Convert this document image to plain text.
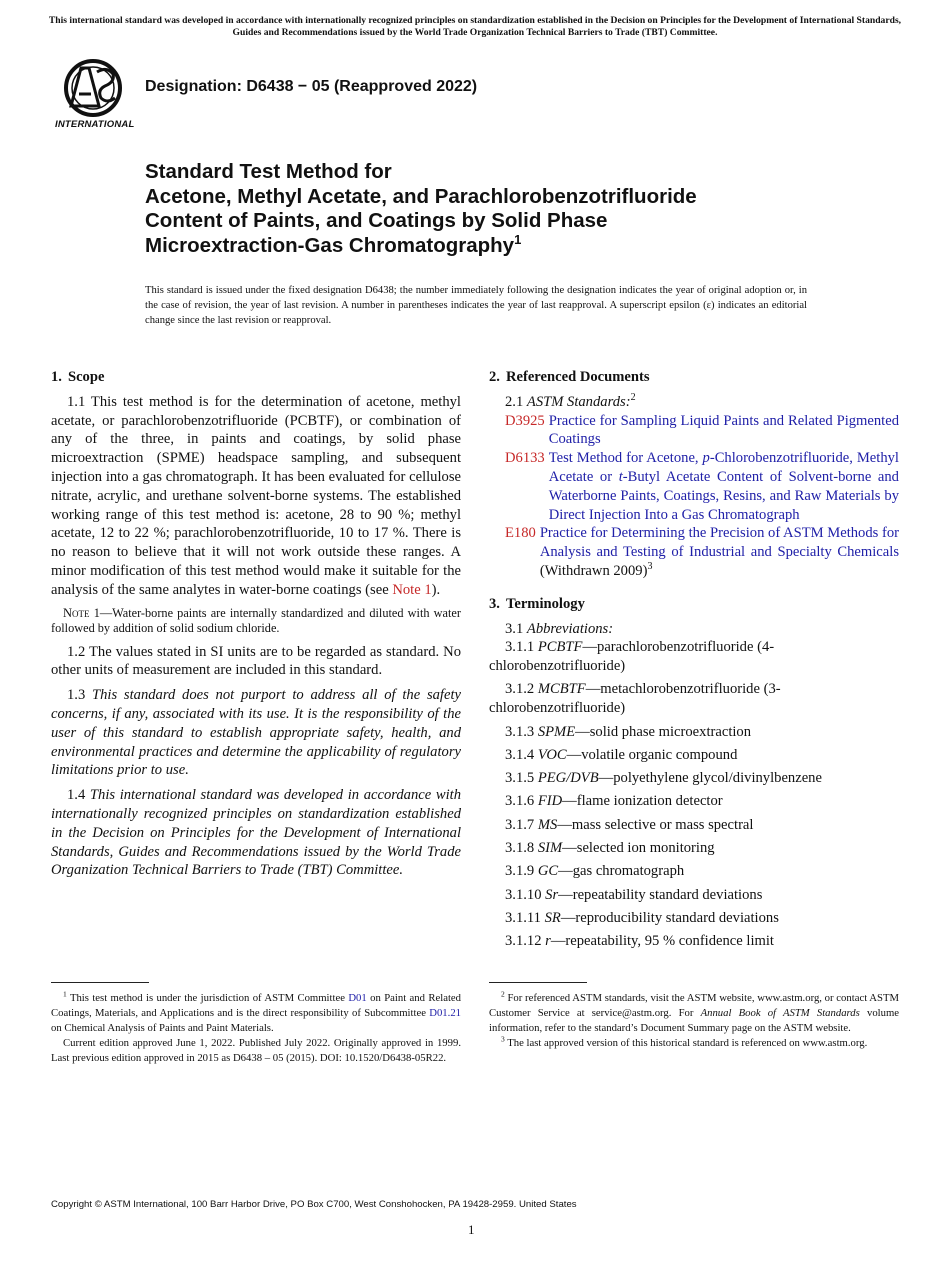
This international standard was developed in accordance with internationally recognized principles on standardization established in the Decision on Principles for the Development of International Standards, Guides and Recommendations issued by the World Trade Organization Technical Barriers to Trade (TBT) Committee.
INTERNATIONAL
Designation: D6438 − 05 (Reapproved 2022)
Standard Test Method for
Acetone, Methyl Acetate, and Parachlorobenzotrifluoride
Content of Paints, and Coatings by Solid Phase
Microextraction-Gas Chromatography$^1$
This standard is issued under the fixed designation D6438; the number immediately following the designation indicates the year of original adoption or, in the case of revision, the year of last revision. A number in parentheses indicates the year of last reapproval. A superscript epsilon (ε) indicates an editorial change since the last revision or reapproval.
1. Scope

1.1 This test method is for the determination of acetone, methyl acetate, or parachlorobenzotrifluoride (PCBTF), or combination of any of the three, in paints and coatings, by solid phase microextraction (SPME) headspace sampling, and subsequent injection into a gas chromatograph. It has been evaluated for cellulose nitrate, acrylic, and urethane solvent-borne systems. The established working range of this test method is: acetone, 28 to 90 %; methyl acetate, 12 to 22 %; parachlorobenzotrifluoride, 10 to 17 %. There is no reason to believe that it will not work outside these ranges. A minor modification of this test method would make it suitable for the analysis of the same analytes in water-borne coatings (see Note 1).

Note 1—Water-borne paints are internally standardized and diluted with water followed by addition of solid sodium chloride.

1.2 The values stated in SI units are to be regarded as standard. No other units of measurement are included in this standard.

1.3 This standard does not purport to address all of the safety concerns, if any, associated with its use. It is the responsibility of the user of this standard to establish appropriate safety, health, and environmental practices and determine the applicability of regulatory limitations prior to use.

1.4 This international standard was developed in accordance with internationally recognized principles on standardization established in the Decision on Principles for the Development of International Standards, Guides and Recommendations issued by the World Trade Organization Technical Barriers to Trade (TBT) Committee.

2. Referenced Documents
2.1 ASTM Standards:$^2$
D3925 Practice for Sampling Liquid Paints and Related Pigmented Coatings
D6133 Test Method for Acetone, p-Chlorobenzotrifluoride, Methyl Acetate or t-Butyl Acetate Content of Solvent-borne and Waterborne Paints, Coatings, Resins, and Raw Materials by Direct Injection Into a Gas Chromatograph
E180 Practice for Determining the Precision of ASTM Methods for Analysis and Testing of Industrial and Specialty Chemicals (Withdrawn 2009)$^3$
3. Terminology
3.1 Abbreviations:
3.1.1 PCBTF—parachlorobenzotrifluoride (4-chlorobenzotrifluoride)
3.1.2 MCBTF—metachlorobenzotrifluoride (3-chlorobenzotrifluoride)
3.1.3 SPME—solid phase microextraction
3.1.4 VOC—volatile organic compound
3.1.5 PEG/DVB—polyethylene glycol/divinylbenzene
3.1.6 FID—flame ionization detector
3.1.7 MS—mass selective or mass spectral
3.1.8 SIM—selected ion monitoring
3.1.9 GC—gas chromatograph
3.1.10 Sr—repeatability standard deviations
3.1.11 SR—reproducibility standard deviations
3.1.12 r—repeatability, 95 % confidence limit

$^1$ This test method is under the jurisdiction of ASTM Committee D01 on Paint and Related Coatings, Materials, and Applications and is the direct responsibility of Subcommittee D01.21 on Chemical Analysis of Paints and Paint Materials.

Current edition approved June 1, 2022. Published July 2022. Originally approved in 1999. Last previous edition approved in 2015 as D6438 – 05 (2015). DOI: 10.1520/D6438-05R22.

$^2$ For referenced ASTM standards, visit the ASTM website, www.astm.org, or contact ASTM Customer Service at service@astm.org. For Annual Book of ASTM Standards volume information, refer to the standard’s Document Summary page on the ASTM website.

$^3$ The last approved version of this historical standard is referenced on www.astm.org.

Copyright © ASTM International, 100 Barr Harbor Drive, PO Box C700, West Conshohocken, PA 19428-2959. United States
1
